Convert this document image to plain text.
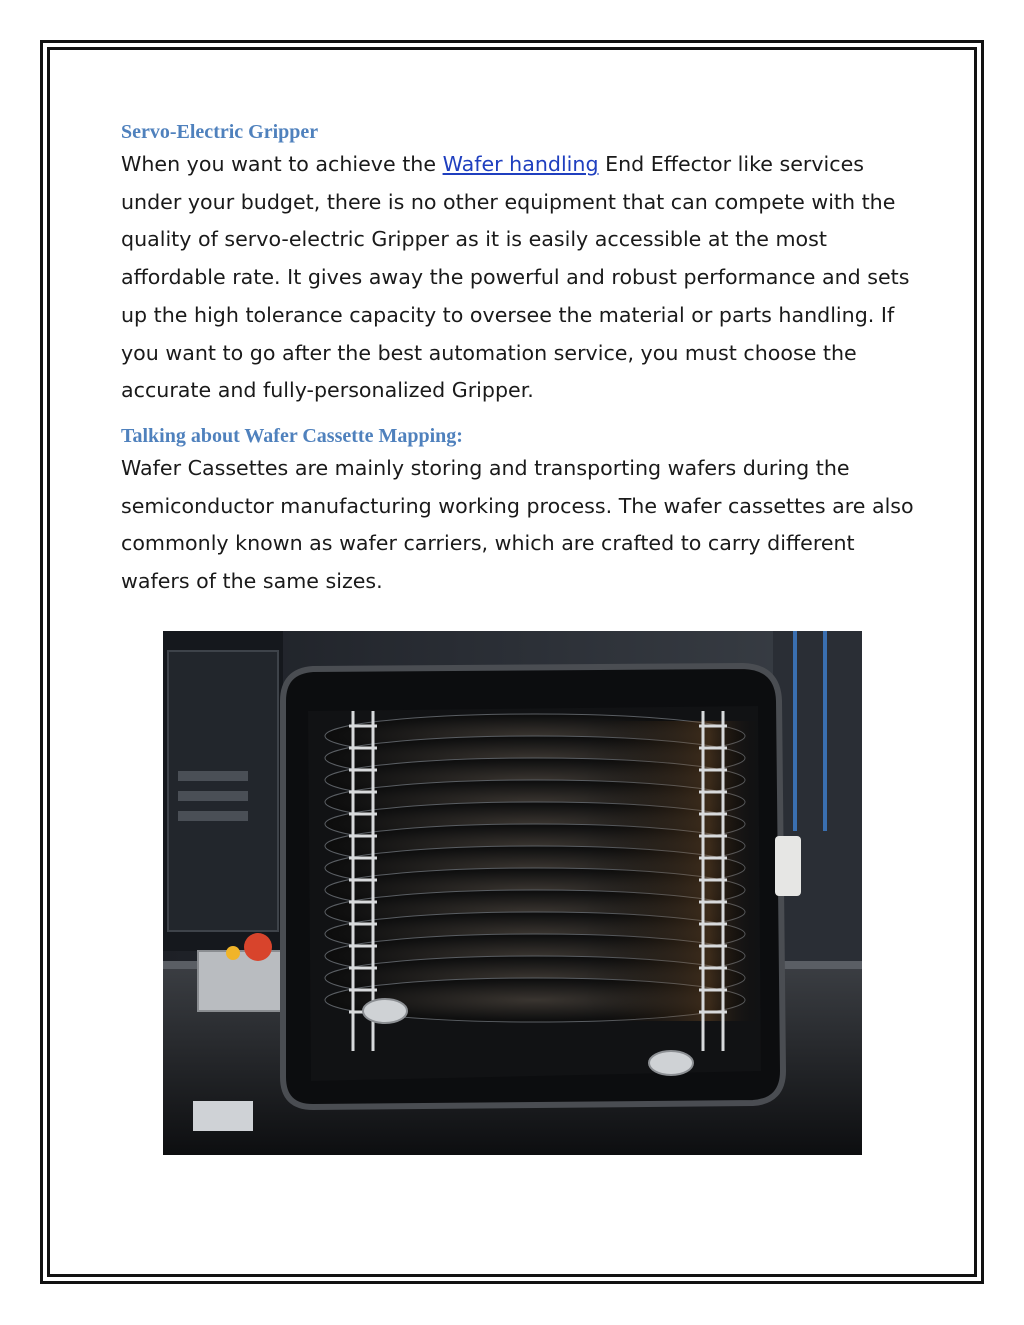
Servo-Electric Gripper

When you want to achieve the Wafer handling End Effector like services under your budget, there is no other equipment that can compete with the quality of servo-electric Gripper as it is easily accessible at the most affordable rate. It gives away the powerful and robust performance and sets up the high tolerance capacity to oversee the material or parts handling. If you want to go after the best automation service, you must choose the accurate and fully-personalized Gripper.

Talking about Wafer Cassette Mapping:

Wafer Cassettes are mainly storing and transporting wafers during the semiconductor manufacturing working process. The wafer cassettes are also commonly known as wafer carriers, which are crafted to carry different wafers of the same sizes.
